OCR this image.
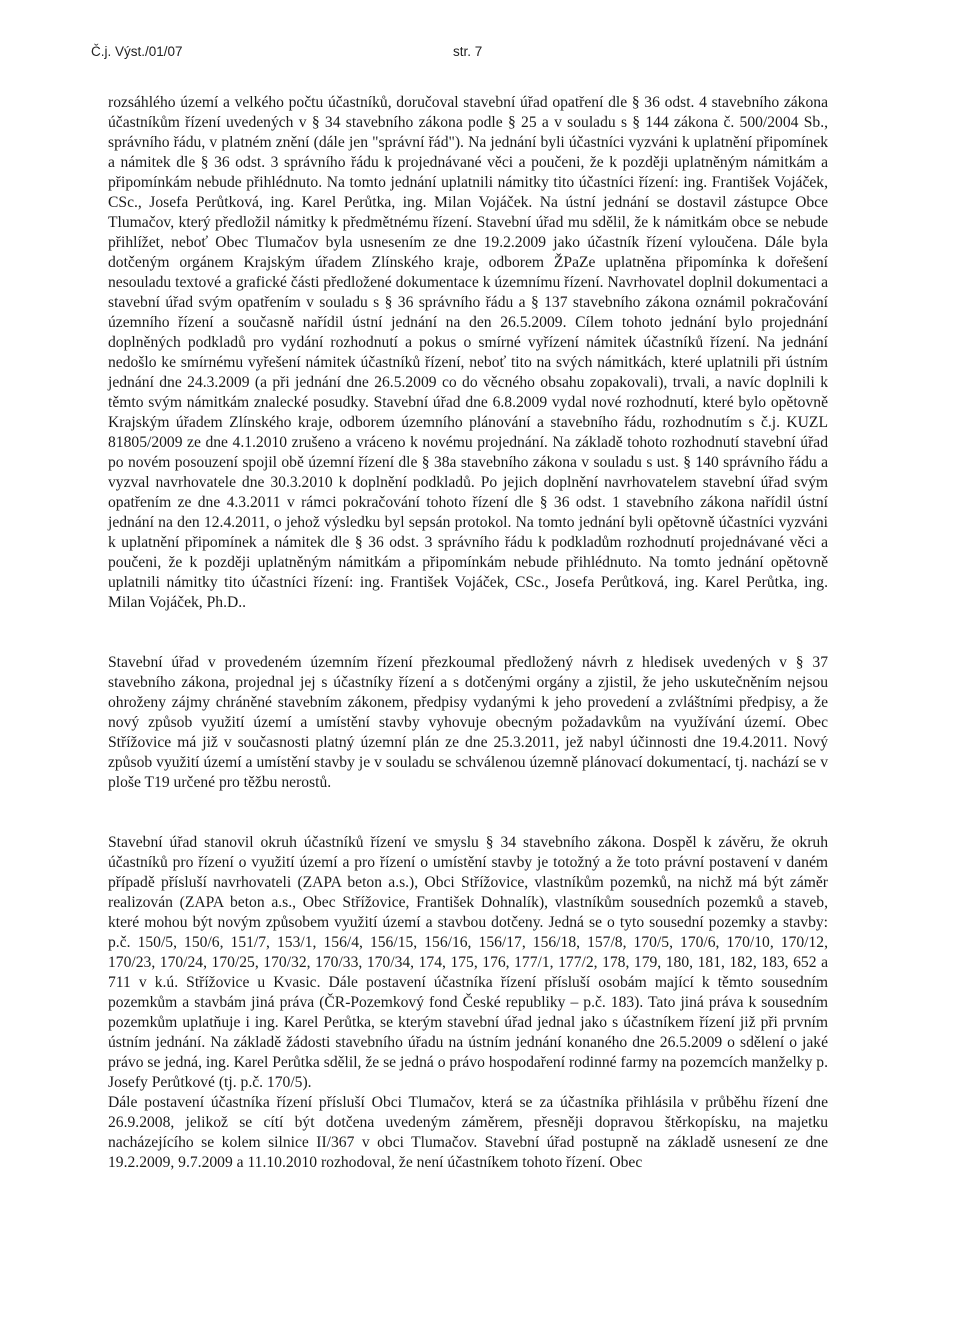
Č.j. Výst./01/07	str. 7

rozsáhlého území a velkého počtu účastníků, doručoval stavební úřad opatření dle § 36 odst. 4 stavebního zákona účastníkům řízení uvedených v § 34 stavebního zákona podle § 25 a v souladu s § 144 zákona č. 500/2004 Sb., správního řádu, v platném znění (dále jen "správní řád"). Na jednání byli účastníci vyzváni k uplatnění připomínek a námitek dle § 36 odst. 3 správního řádu k projednávané věci a poučeni, že k později uplatněným námitkám a připomínkám nebude přihlédnuto. Na tomto jednání uplatnili námitky tito účastníci řízení: ing. František Vojáček, CSc., Josefa Perůtková, ing. Karel Perůtka, ing. Milan Vojáček. Na ústní jednání se dostavil zástupce Obce Tlumačov, který předložil námitky k předmětnému řízení. Stavební úřad mu sdělil, že k námitkám obce se nebude přihlížet, neboť Obec Tlumačov byla usnesením ze dne 19.2.2009 jako účastník řízení vyloučena. Dále byla dotčeným orgánem Krajským úřadem Zlínského kraje, odborem ŽPaZe uplatněna připomínka k dořešení nesouladu textové a grafické části předložené dokumentace k územnímu řízení. Navrhovatel doplnil dokumentaci a stavební úřad svým opatřením v souladu s § 36 správního řádu a § 137 stavebního zákona oznámil pokračování územního řízení a současně nařídil ústní jednání na den 26.5.2009. Cílem tohoto jednání bylo projednání doplněných podkladů pro vydání rozhodnutí a pokus o smírné vyřízení námitek účastníků řízení. Na jednání nedošlo ke smírnému vyřešení námitek účastníků řízení, neboť tito na svých námitkách, které uplatnili při ústním jednání dne 24.3.2009 (a při jednání dne 26.5.2009 co do věcného obsahu zopakovali), trvali, a navíc doplnili k těmto svým námitkám znalecké posudky. Stavební úřad dne 6.8.2009 vydal nové rozhodnutí, které bylo opětovně Krajským úřadem Zlínského kraje, odborem územního plánování a stavebního řádu, rozhodnutím s č.j. KUZL 81805/2009 ze dne 4.1.2010 zrušeno a vráceno k novému projednání. Na základě tohoto rozhodnutí stavební úřad po novém posouzení spojil obě územní řízení dle § 38a stavebního zákona v souladu s ust. § 140 správního řádu a vyzval navrhovatele dne 30.3.2010 k doplnění podkladů. Po jejich doplnění navrhovatelem stavební úřad svým opatřením ze dne 4.3.2011 v rámci pokračování tohoto řízení dle § 36 odst. 1 stavebního zákona nařídil ústní jednání na den 12.4.2011, o jehož výsledku byl sepsán protokol. Na tomto jednání byli opětovně účastníci vyzváni k uplatnění připomínek a námitek dle § 36 odst. 3 správního řádu k podkladům rozhodnutí projednávané věci a poučeni, že k později uplatněným námitkám a připomínkám nebude přihlédnuto. Na tomto jednání opětovně uplatnili námitky tito účastníci řízení: ing. František Vojáček, CSc., Josefa Perůtková, ing. Karel Perůtka, ing. Milan Vojáček, Ph.D..

Stavební úřad v provedeném územním řízení přezkoumal předložený návrh z hledisek uvedených v § 37 stavebního zákona, projednal jej s účastníky řízení a s dotčenými orgány a zjistil, že jeho uskutečněním nejsou ohroženy zájmy chráněné stavebním zákonem, předpisy vydanými k jeho provedení a zvláštními předpisy, a že nový způsob využití území a umístění stavby vyhovuje obecným požadavkům na využívání území. Obec Střížovice má již v současnosti platný územní plán ze dne 25.3.2011, jež nabyl účinnosti dne 19.4.2011. Nový způsob využití území a umístění stavby je v souladu se schválenou územně plánovací dokumentací, tj. nachází se v ploše T19 určené pro těžbu nerostů.

Stavební úřad stanovil okruh účastníků řízení ve smyslu § 34 stavebního zákona. Dospěl k závěru, že okruh účastníků pro řízení o využití území a pro řízení o umístění stavby je totožný a že toto právní postavení v daném případě přísluší navrhovateli (ZAPA beton a.s.), Obci Střížovice, vlastníkům pozemků, na nichž má být záměr realizován (ZAPA beton a.s., Obec Střížovice, František Dohnalík), vlastníkům sousedních pozemků a staveb, které mohou být novým způsobem využití území a stavbou dotčeny. Jedná se o tyto sousední pozemky a stavby: p.č. 150/5, 150/6, 151/7, 153/1, 156/4, 156/15, 156/16, 156/17, 156/18, 157/8, 170/5, 170/6, 170/10, 170/12, 170/23, 170/24, 170/25, 170/32, 170/33, 170/34, 174, 175, 176, 177/1, 177/2, 178, 179, 180, 181, 182, 183, 652 a 711 v k.ú. Střížovice u Kvasic. Dále postavení účastníka řízení přísluší osobám mající k těmto sousedním pozemkům a stavbám jiná práva (ČR-Pozemkový fond České republiky – p.č. 183). Tato jiná práva k sousedním pozemkům uplatňuje i ing. Karel Perůtka, se kterým stavební úřad jednal jako s účastníkem řízení již při prvním ústním jednání. Na základě žádosti stavebního úřadu na ústním jednání konaného dne 26.5.2009 o sdělení o jaké právo se jedná, ing. Karel Perůtka sdělil, že se jedná o právo hospodaření rodinné farmy na pozemcích manželky p. Josefy Perůtkové (tj. p.č. 170/5).

Dále postavení účastníka řízení přísluší Obci Tlumačov, která se za účastníka přihlásila v průběhu řízení dne 26.9.2008, jelikož se cítí být dotčena uvedeným záměrem, přesněji dopravou štěrkopísku, na majetku nacházejícího se kolem silnice II/367 v obci Tlumačov. Stavební úřad postupně na základě usnesení ze dne 19.2.2009, 9.7.2009 a 11.10.2010 rozhodoval, že není účastníkem tohoto řízení. Obec
